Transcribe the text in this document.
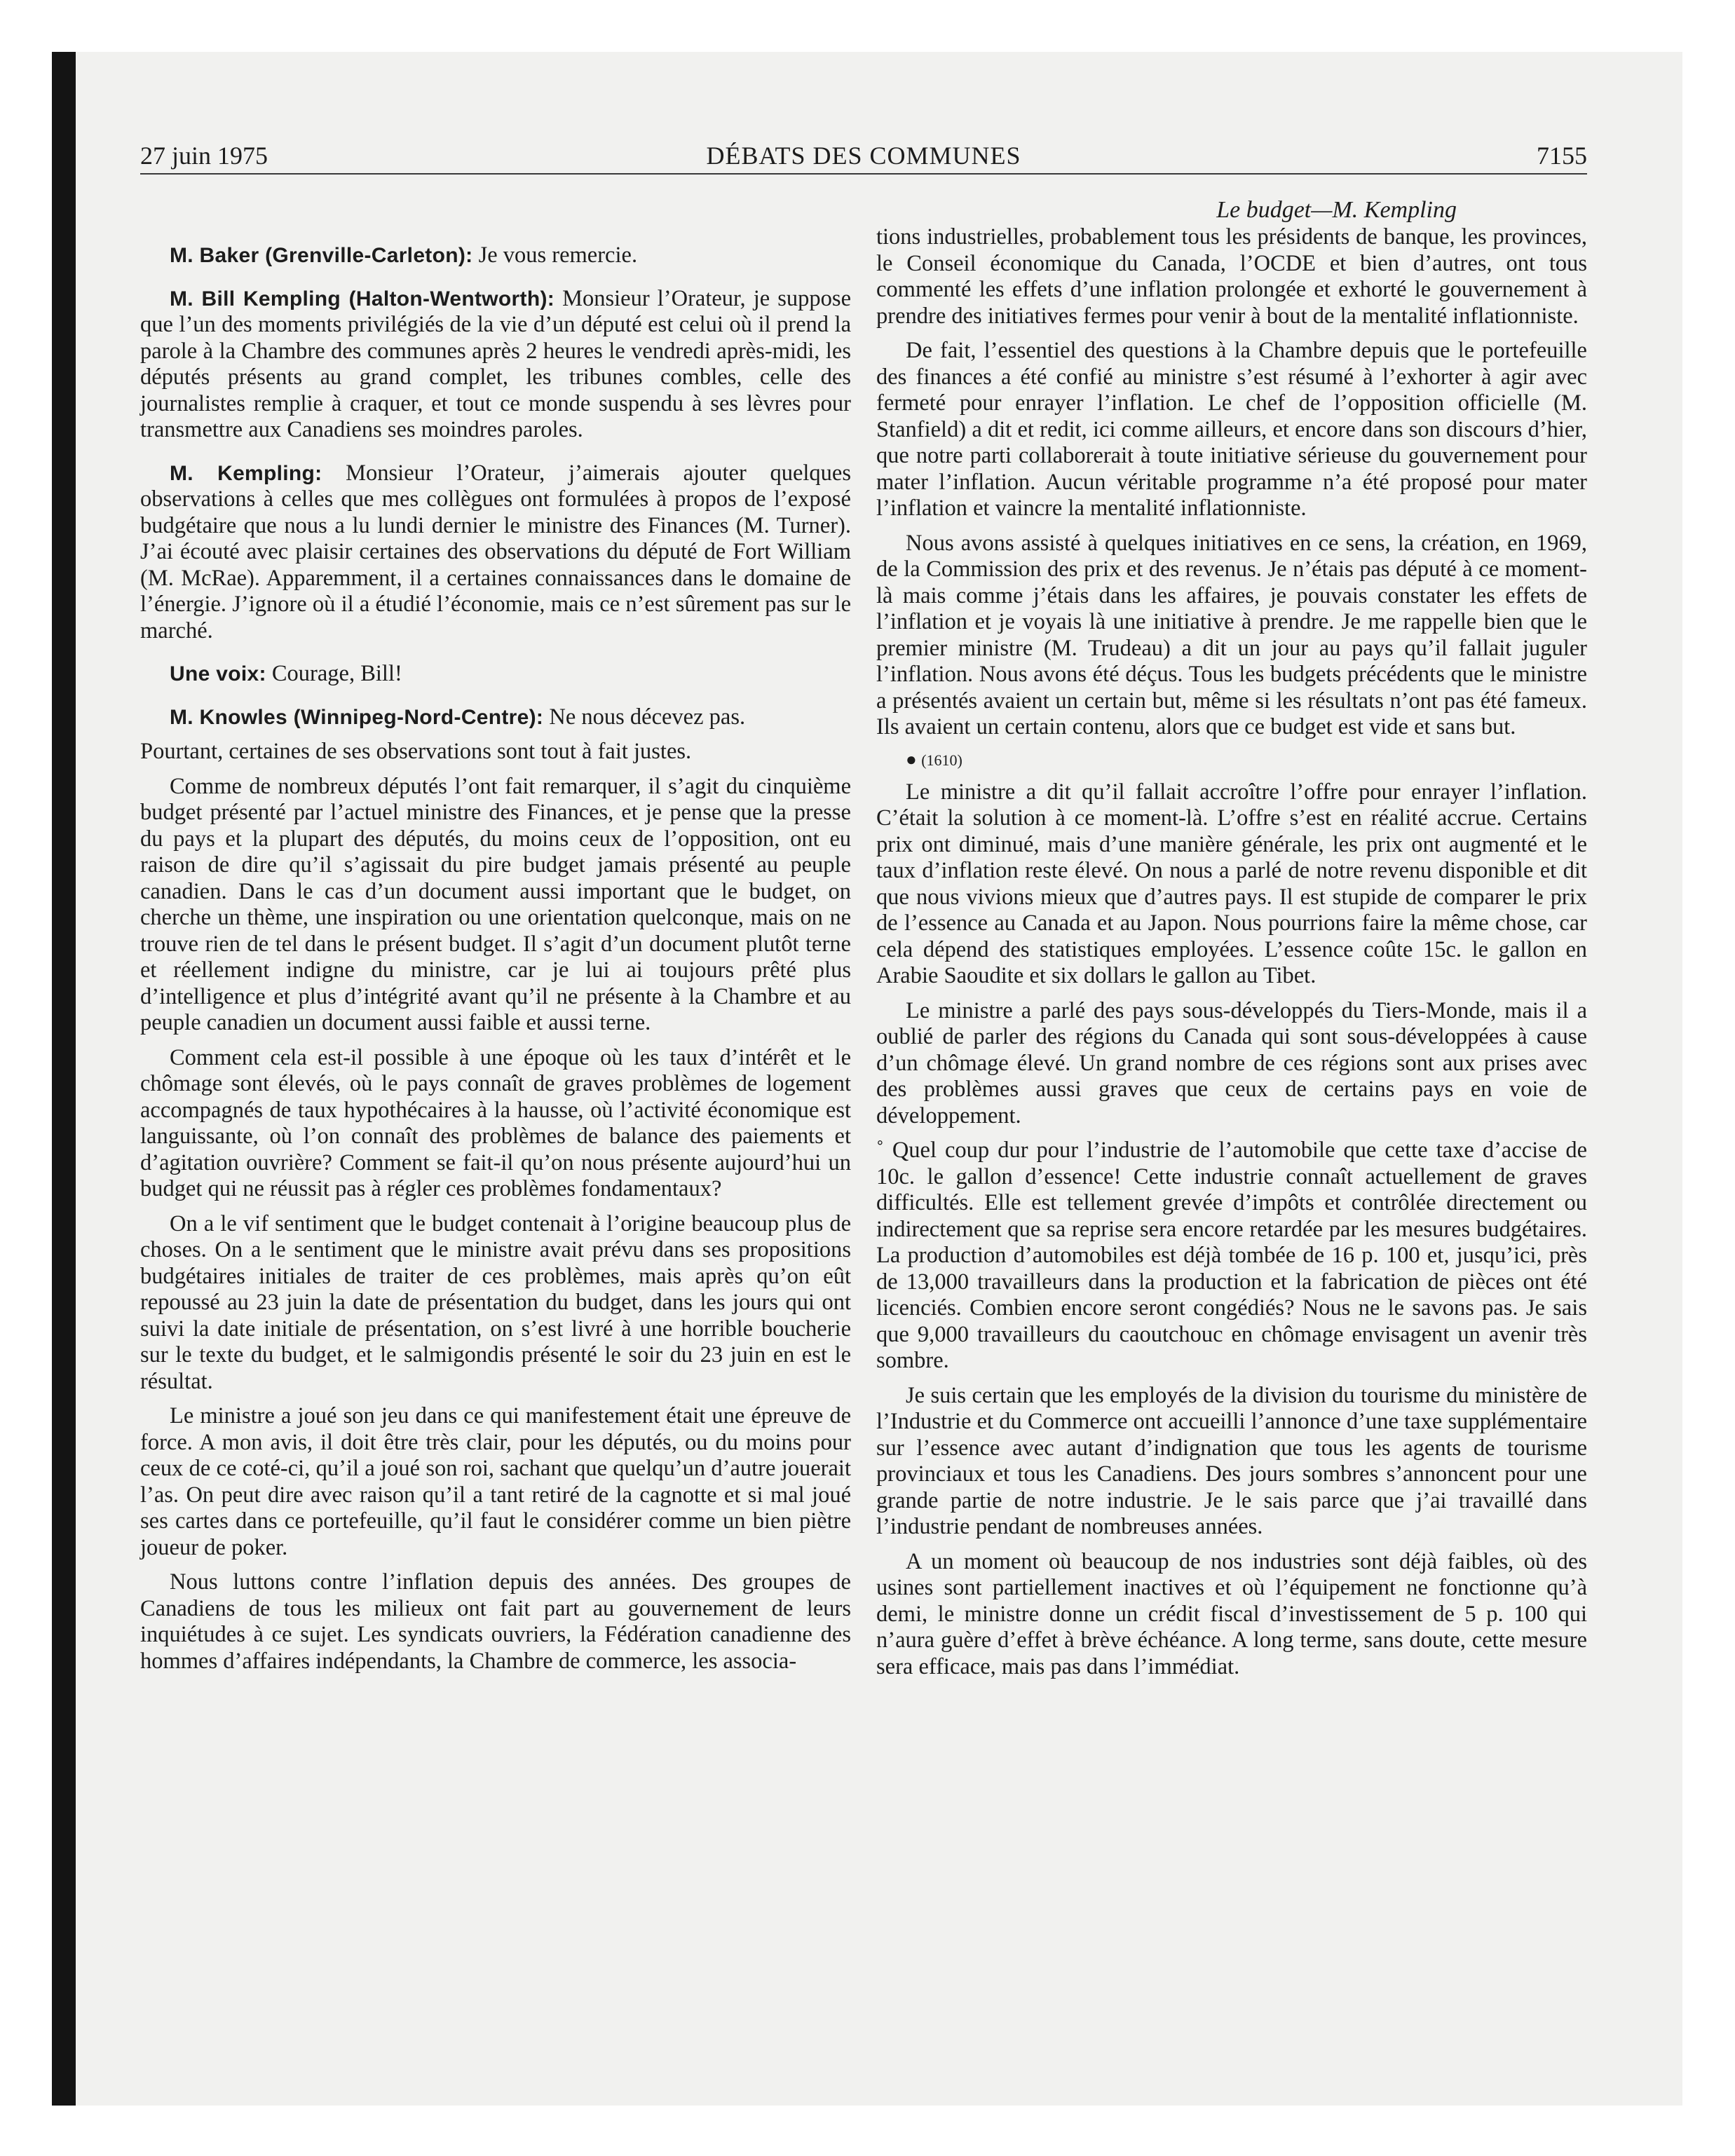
27 juin 1975	DÉBATS DES COMMUNES	7155

M. Baker (Grenville-Carleton): Je vous remercie.

M. Bill Kempling (Halton-Wentworth): Monsieur l’Orateur, je suppose que l’un des moments privilégiés de la vie d’un député est celui où il prend la parole à la Chambre des communes après 2 heures le vendredi après-midi, les députés présents au grand complet, les tribunes combles, celle des journalistes remplie à craquer, et tout ce monde suspendu à ses lèvres pour transmettre aux Canadiens ses moindres paroles.

M. Kempling: Monsieur l’Orateur, j’aimerais ajouter quelques observations à celles que mes collègues ont formulées à propos de l’exposé budgétaire que nous a lu lundi dernier le ministre des Finances (M. Turner). J’ai écouté avec plaisir certaines des observations du député de Fort William (M. McRae). Apparemment, il a certaines connaissances dans le domaine de l’énergie. J’ignore où il a étudié l’économie, mais ce n’est sûrement pas sur le marché.

Une voix: Courage, Bill!

M. Knowles (Winnipeg-Nord-Centre): Ne nous décevez pas.

Pourtant, certaines de ses observations sont tout à fait justes.

Comme de nombreux députés l’ont fait remarquer, il s’agit du cinquième budget présenté par l’actuel ministre des Finances, et je pense que la presse du pays et la plupart des députés, du moins ceux de l’opposition, ont eu raison de dire qu’il s’agissait du pire budget jamais présenté au peuple canadien. Dans le cas d’un document aussi important que le budget, on cherche un thème, une inspiration ou une orientation quelconque, mais on ne trouve rien de tel dans le présent budget. Il s’agit d’un document plutôt terne et réellement indigne du ministre, car je lui ai toujours prêté plus d’intelligence et plus d’intégrité avant qu’il ne présente à la Chambre et au peuple canadien un document aussi faible et aussi terne.

Comment cela est-il possible à une époque où les taux d’intérêt et le chômage sont élevés, où le pays connaît de graves problèmes de logement accompagnés de taux hypothécaires à la hausse, où l’activité économique est languissante, où l’on connaît des problèmes de balance des paiements et d’agitation ouvrière? Comment se fait-il qu’on nous présente aujourd’hui un budget qui ne réussit pas à régler ces problèmes fondamentaux?

On a le vif sentiment que le budget contenait à l’origine beaucoup plus de choses. On a le sentiment que le ministre avait prévu dans ses propositions budgétaires initiales de traiter de ces problèmes, mais après qu’on eût repoussé au 23 juin la date de présentation du budget, dans les jours qui ont suivi la date initiale de présentation, on s’est livré à une horrible boucherie sur le texte du budget, et le salmigondis présenté le soir du 23 juin en est le résultat.

Le ministre a joué son jeu dans ce qui manifestement était une épreuve de force. A mon avis, il doit être très clair, pour les députés, ou du moins pour ceux de ce coté-ci, qu’il a joué son roi, sachant que quelqu’un d’autre jouerait l’as. On peut dire avec raison qu’il a tant retiré de la cagnotte et si mal joué ses cartes dans ce portefeuille, qu’il faut le considérer comme un bien piètre joueur de poker.

Nous luttons contre l’inflation depuis des années. Des groupes de Canadiens de tous les milieux ont fait part au gouvernement de leurs inquiétudes à ce sujet. Les syndicats ouvriers, la Fédération canadienne des hommes d’affaires indépendants, la Chambre de commerce, les associa-

Le budget—M. Kempling

tions industrielles, probablement tous les présidents de banque, les provinces, le Conseil économique du Canada, l’OCDE et bien d’autres, ont tous commenté les effets d’une inflation prolongée et exhorté le gouvernement à prendre des initiatives fermes pour venir à bout de la mentalité inflationniste.

De fait, l’essentiel des questions à la Chambre depuis que le portefeuille des finances a été confié au ministre s’est résumé à l’exhorter à agir avec fermeté pour enrayer l’inflation. Le chef de l’opposition officielle (M. Stanfield) a dit et redit, ici comme ailleurs, et encore dans son discours d’hier, que notre parti collaborerait à toute initiative sérieuse du gouvernement pour mater l’inflation. Aucun véritable programme n’a été proposé pour mater l’inflation et vaincre la mentalité inflationniste.

Nous avons assisté à quelques initiatives en ce sens, la création, en 1969, de la Commission des prix et des revenus. Je n’étais pas député à ce moment-là mais comme j’étais dans les affaires, je pouvais constater les effets de l’inflation et je voyais là une initiative à prendre. Je me rappelle bien que le premier ministre (M. Trudeau) a dit un jour au pays qu’il fallait juguler l’inflation. Nous avons été déçus. Tous les budgets précédents que le ministre a présentés avaient un certain but, même si les résultats n’ont pas été fameux. Ils avaient un certain contenu, alors que ce budget est vide et sans but.

● (1610)

Le ministre a dit qu’il fallait accroître l’offre pour enrayer l’inflation. C’était la solution à ce moment-là. L’offre s’est en réalité accrue. Certains prix ont diminué, mais d’une manière générale, les prix ont augmenté et le taux d’inflation reste élevé. On nous a parlé de notre revenu disponible et dit que nous vivions mieux que d’autres pays. Il est stupide de comparer le prix de l’essence au Canada et au Japon. Nous pourrions faire la même chose, car cela dépend des statistiques employées. L’essence coûte 15c. le gallon en Arabie Saoudite et six dollars le gallon au Tibet.

Le ministre a parlé des pays sous-développés du Tiers-Monde, mais il a oublié de parler des régions du Canada qui sont sous-développées à cause d’un chômage élevé. Un grand nombre de ces régions sont aux prises avec des problèmes aussi graves que ceux de certains pays en voie de développement.

˚ Quel coup dur pour l’industrie de l’automobile que cette taxe d’accise de 10c. le gallon d’essence! Cette industrie connaît actuellement de graves difficultés. Elle est tellement grevée d’impôts et contrôlée directement ou indirectement que sa reprise sera encore retardée par les mesures budgétaires. La production d’automobiles est déjà tombée de 16 p. 100 et, jusqu’ici, près de 13,000 travailleurs dans la production et la fabrication de pièces ont été licenciés. Combien encore seront congédiés? Nous ne le savons pas. Je sais que 9,000 travailleurs du caoutchouc en chômage envisagent un avenir très sombre.

Je suis certain que les employés de la division du tourisme du ministère de l’Industrie et du Commerce ont accueilli l’annonce d’une taxe supplémentaire sur l’essence avec autant d’indignation que tous les agents de tourisme provinciaux et tous les Canadiens. Des jours sombres s’annoncent pour une grande partie de notre industrie. Je le sais parce que j’ai travaillé dans l’industrie pendant de nombreuses années.

A un moment où beaucoup de nos industries sont déjà faibles, où des usines sont partiellement inactives et où l’équipement ne fonctionne qu’à demi, le ministre donne un crédit fiscal d’investissement de 5 p. 100 qui n’aura guère d’effet à brève échéance. A long terme, sans doute, cette mesure sera efficace, mais pas dans l’immédiat.
